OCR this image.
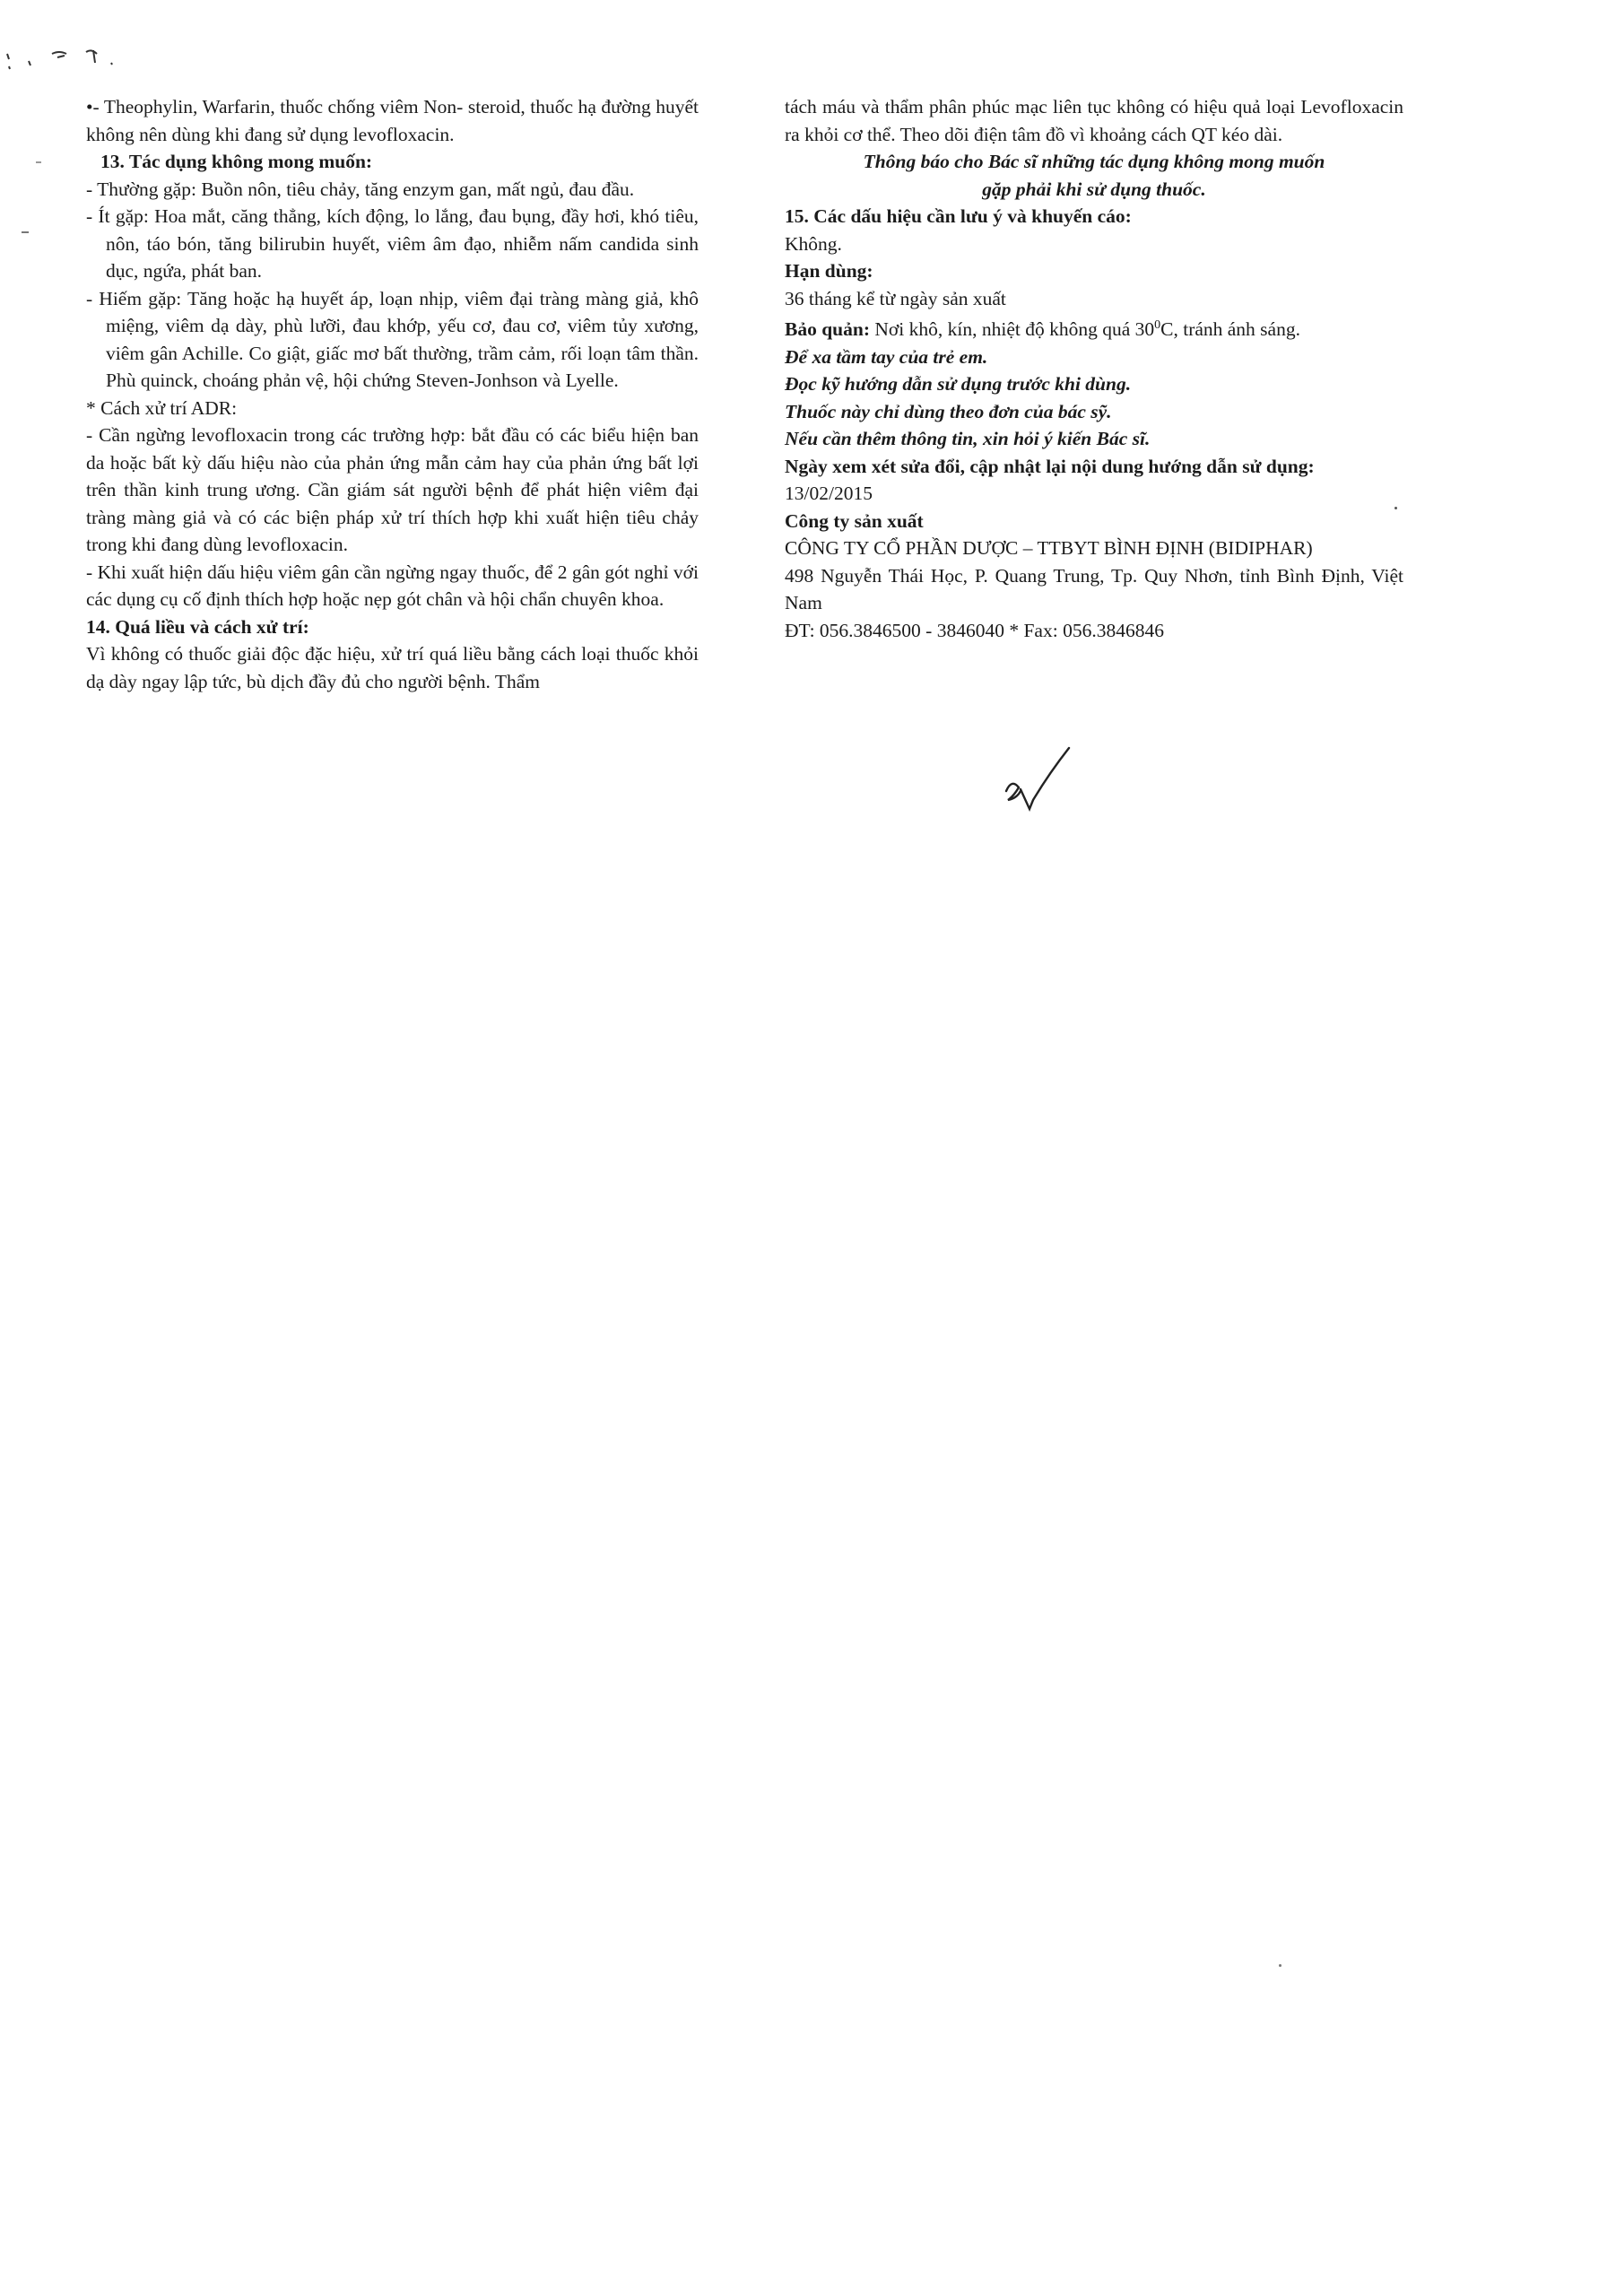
•- Theophylin, Warfarin, thuốc chống viêm Non- steroid, thuốc hạ đường huyết không nên dùng khi đang sử dụng levofloxacin.

13. Tác dụng không mong muốn:

- Thường gặp: Buồn nôn, tiêu chảy, tăng enzym gan, mất ngủ, đau đầu.

- Ít gặp: Hoa mắt, căng thẳng, kích động, lo lắng, đau bụng, đầy hơi, khó tiêu, nôn, táo bón, tăng bilirubin huyết, viêm âm đạo, nhiễm nấm candida sinh dục, ngứa, phát ban.

- Hiếm gặp: Tăng hoặc hạ huyết áp, loạn nhịp, viêm đại tràng màng giả, khô miệng, viêm dạ dày, phù lưỡi, đau khớp, yếu cơ, đau cơ, viêm tủy xương, viêm gân Achille. Co giật, giấc mơ bất thường, trầm cảm, rối loạn tâm thần. Phù quinck, choáng phản vệ, hội chứng Steven-Jonhson và Lyelle.

* Cách xử trí ADR:

- Cần ngừng levofloxacin trong các trường hợp: bắt đầu có các biểu hiện ban da hoặc bất kỳ dấu hiệu nào của phản ứng mẫn cảm hay của phản ứng bất lợi trên thần kinh trung ương. Cần giám sát người bệnh để phát hiện viêm đại tràng màng giả và có các biện pháp xử trí thích hợp khi xuất hiện tiêu chảy trong khi đang dùng levofloxacin.

- Khi xuất hiện dấu hiệu viêm gân cần ngừng ngay thuốc, để 2 gân gót nghỉ với các dụng cụ cố định thích hợp hoặc nẹp gót chân và hội chẩn chuyên khoa.

14. Quá liều và cách xử trí:

Vì không có thuốc giải độc đặc hiệu, xử trí quá liều bằng cách loại thuốc khỏi dạ dày ngay lập tức, bù dịch đầy đủ cho người bệnh. Thẩm

tách máu và thẩm phân phúc mạc liên tục không có hiệu quả loại Levofloxacin ra khỏi cơ thể. Theo dõi điện tâm đồ vì khoảng cách QT kéo dài.

Thông báo cho Bác sĩ những tác dụng không mong muốn

gặp phải khi sử dụng thuốc.

15. Các dấu hiệu cần lưu ý và khuyến cáo:

Không.

Hạn dùng:

36 tháng kể từ ngày sản xuất

Bảo quản: Nơi khô, kín, nhiệt độ không quá $30^0C$, tránh ánh sáng.

Để xa tầm tay của trẻ em.

Đọc kỹ hướng dẫn sử dụng trước khi dùng.

Thuốc này chỉ dùng theo đơn của bác sỹ.

Nếu cần thêm thông tin, xin hỏi ý kiến Bác sĩ.

Ngày xem xét sửa đổi, cập nhật lại nội dung hướng dẫn sử dụng:

13/02/2015

Công ty sản xuất

CÔNG TY CỔ PHẦN DƯỢC – TTBYT BÌNH ĐỊNH (BIDIPHAR)

498 Nguyễn Thái Học, P. Quang Trung, Tp. Quy Nhơn, tỉnh Bình Định, Việt Nam

ĐT: 056.3846500 - 3846040 * Fax: 056.3846846
